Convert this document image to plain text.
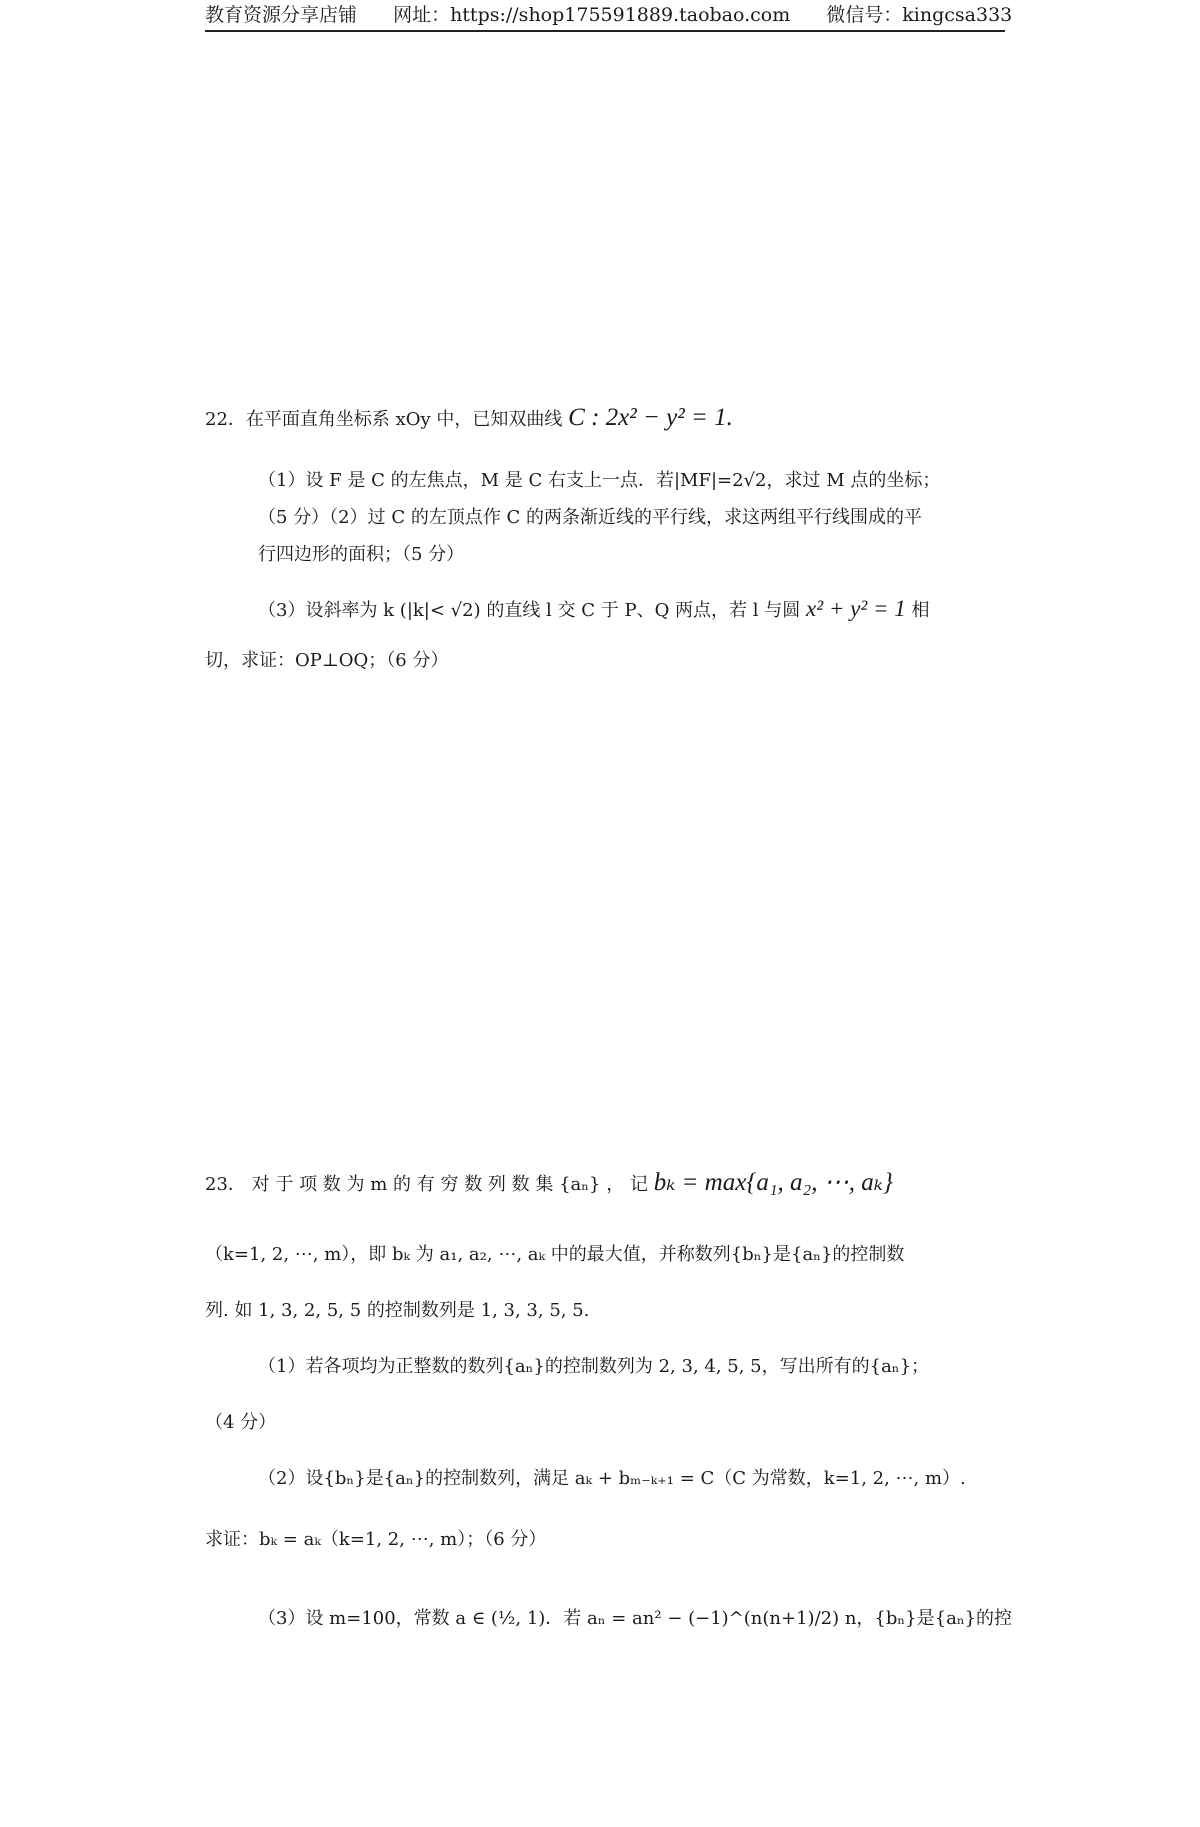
教育资源分享店铺 网址：https://shop175591889.taobao.com 微信号：kingcsa333
22．在平面直角坐标系 xOy 中，已知双曲线 C : 2x² − y² = 1.
（1）设 F 是 C 的左焦点，M 是 C 右支上一点．若|MF|=2√2，求过 M 点的坐标；
（5 分）（2）过 C 的左顶点作 C 的两条渐近线的平行线，求这两组平行线围成的平
行四边形的面积；（5 分）
（3）设斜率为 k (|k|< √2) 的直线 l 交 C 于 P、Q 两点，若 l 与圆 x² + y² = 1 相
切，求证：OP⊥OQ；（6 分）
23． 对 于 项 数 为 m 的 有 穷 数 列 数 集 {aₙ} ， 记 bₖ = max{a₁, a₂, ⋯, aₖ}
（k=1, 2, ⋯, m），即 bₖ 为 a₁, a₂, ⋯, aₖ 中的最大值，并称数列{bₙ}是{aₙ}的控制数
列. 如 1, 3, 2, 5, 5 的控制数列是 1, 3, 3, 5, 5.
（1）若各项均为正整数的数列{aₙ}的控制数列为 2, 3, 4, 5, 5，写出所有的{aₙ}；
（4 分）
（2）设{bₙ}是{aₙ}的控制数列，满足 aₖ + bₘ₋ₖ₊₁ = C（C 为常数，k=1, 2, ⋯, m）.
求证：bₖ = aₖ（k=1, 2, ⋯, m）；（6 分）
（3）设 m=100，常数 a ∈ (½, 1)．若 aₙ = an² − (−1)^(n(n+1)/2) n，{bₙ}是{aₙ}的控
